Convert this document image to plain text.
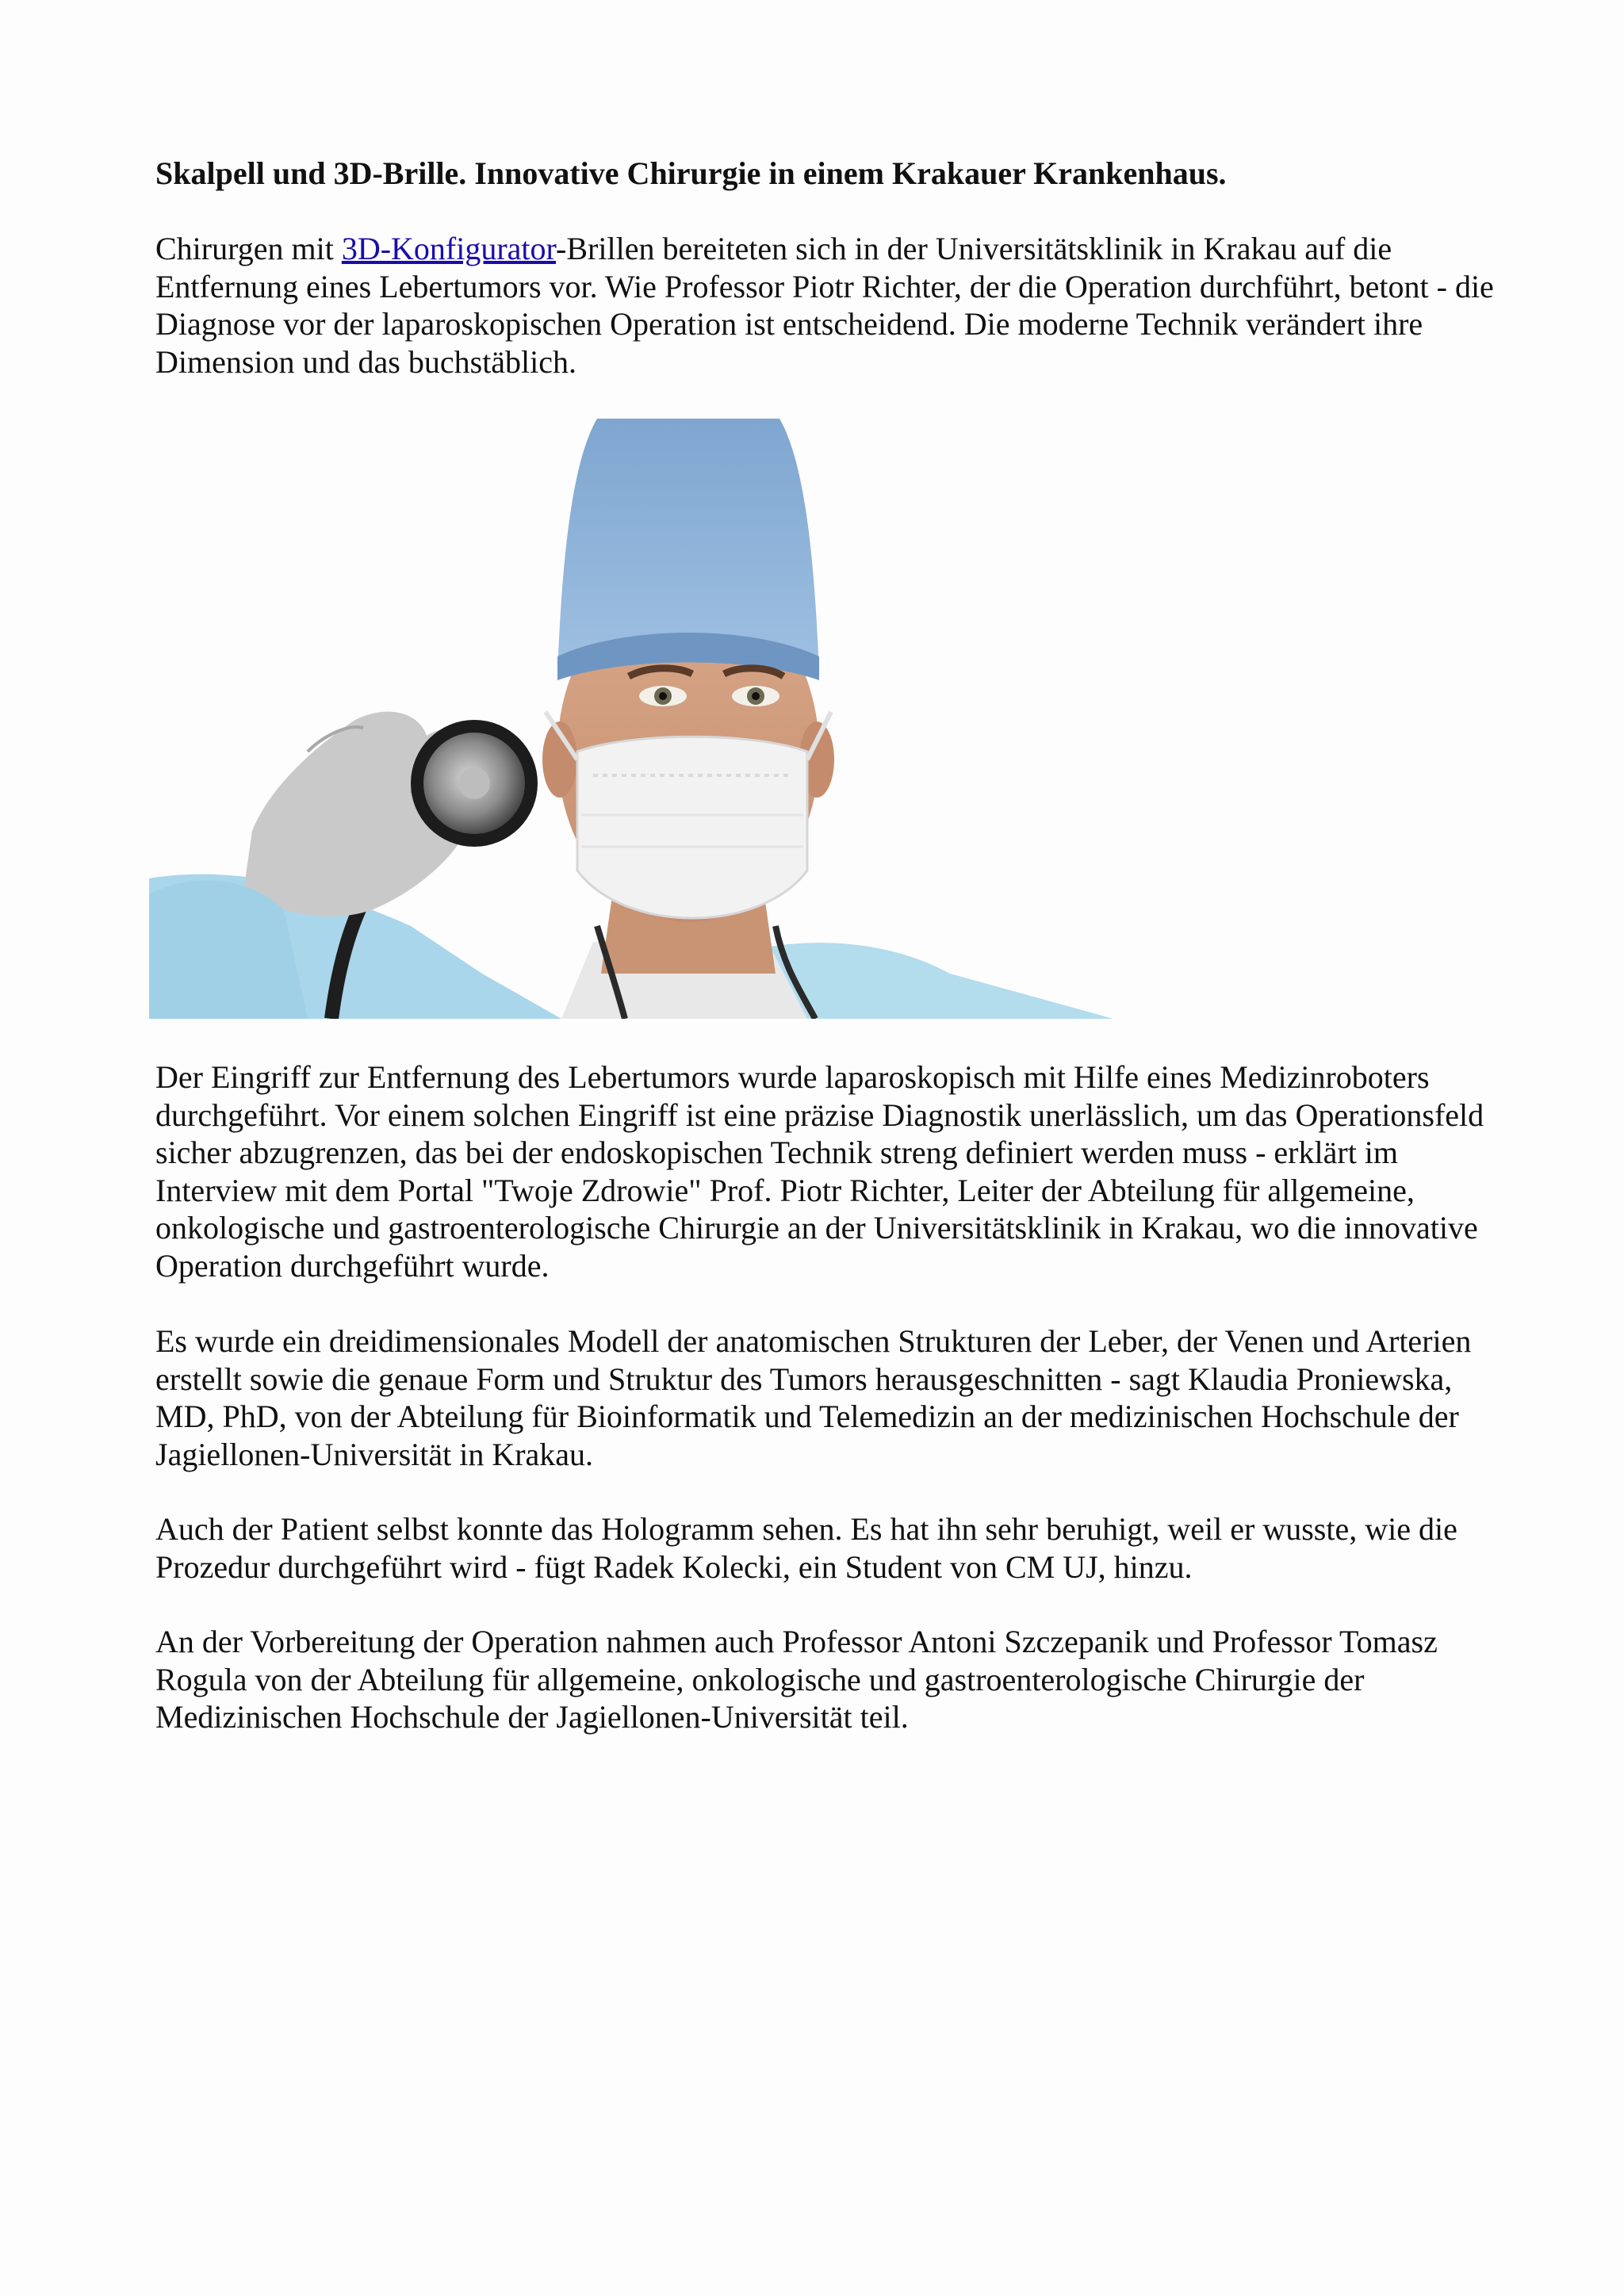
Skalpell und 3D-Brille. Innovative Chirurgie in einem Krakauer Krankenhaus.

Chirurgen mit 3D-Konfigurator-Brillen bereiteten sich in der Universitätsklinik in Krakau auf die Entfernung eines Lebertumors vor. Wie Professor Piotr Richter, der die Operation durchführt, betont - die Diagnose vor der laparoskopischen Operation ist entscheidend. Die moderne Technik verändert ihre Dimension und das buchstäblich.

Der Eingriff zur Entfernung des Lebertumors wurde laparoskopisch mit Hilfe eines Medizinroboters durchgeführt. Vor einem solchen Eingriff ist eine präzise Diagnostik unerlässlich, um das Operationsfeld sicher abzugrenzen, das bei der endoskopischen Technik streng definiert werden muss - erklärt im Interview mit dem Portal "Twoje Zdrowie" Prof. Piotr Richter, Leiter der Abteilung für allgemeine, onkologische und gastroenterologische Chirurgie an der Universitätsklinik in Krakau, wo die innovative Operation durchgeführt wurde.

Es wurde ein dreidimensionales Modell der anatomischen Strukturen der Leber, der Venen und Arterien erstellt sowie die genaue Form und Struktur des Tumors herausgeschnitten - sagt Klaudia Proniewska, MD, PhD, von der Abteilung für Bioinformatik und Telemedizin an der medizinischen Hochschule der Jagiellonen-Universität in Krakau.

Auch der Patient selbst konnte das Hologramm sehen. Es hat ihn sehr beruhigt, weil er wusste, wie die Prozedur durchgeführt wird - fügt Radek Kolecki, ein Student von CM UJ, hinzu.

An der Vorbereitung der Operation nahmen auch Professor Antoni Szczepanik und Professor Tomasz Rogula von der Abteilung für allgemeine, onkologische und gastroenterologische Chirurgie der Medizinischen Hochschule der Jagiellonen-Universität teil.
